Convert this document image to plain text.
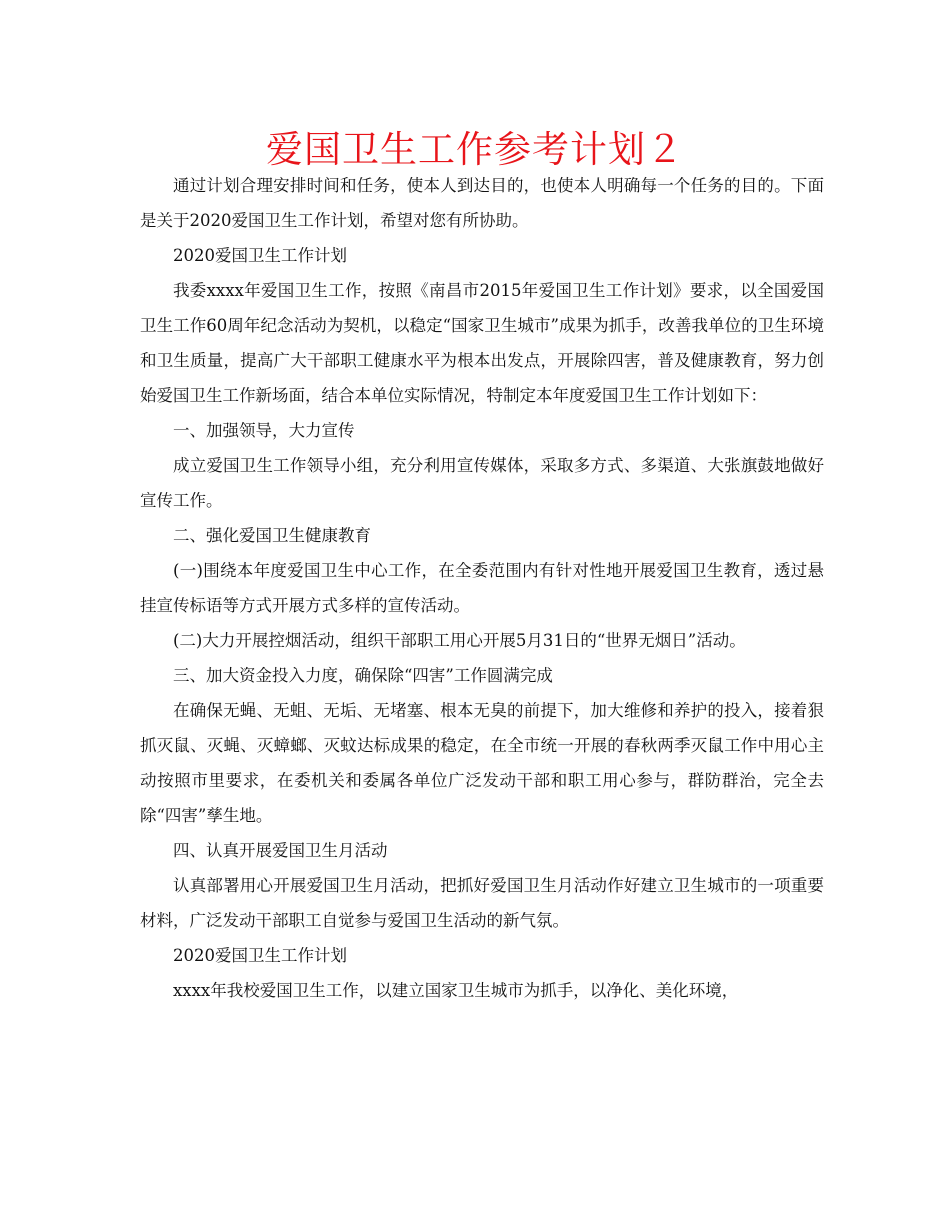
爱国卫生工作参考计划２

通过计划合理安排时间和任务，使本人到达目的，也使本人明确每一个任务的目的。下面是关于2020爱国卫生工作计划，希望对您有所协助。

2020爱国卫生工作计划

我委xxxx年爱国卫生工作，按照《南昌市2015年爱国卫生工作计划》要求，以全国爱国卫生工作60周年纪念活动为契机，以稳定“国家卫生城市”成果为抓手，改善我单位的卫生环境和卫生质量，提高广大干部职工健康水平为根本出发点，开展除四害，普及健康教育，努力创始爱国卫生工作新场面，结合本单位实际情况，特制定本年度爱国卫生工作计划如下：

一、加强领导，大力宣传

成立爱国卫生工作领导小组，充分利用宣传媒体，采取多方式、多渠道、大张旗鼓地做好宣传工作。

二、强化爱国卫生健康教育

(一)围绕本年度爱国卫生中心工作，在全委范围内有针对性地开展爱国卫生教育，透过悬挂宣传标语等方式开展方式多样的宣传活动。

(二)大力开展控烟活动，组织干部职工用心开展5月31日的“世界无烟日”活动。

三、加大资金投入力度，确保除“四害”工作圆满完成

在确保无蝇、无蛆、无垢、无堵塞、根本无臭的前提下，加大维修和养护的投入，接着狠抓灭鼠、灭蝇、灭蟑螂、灭蚊达标成果的稳定，在全市统一开展的春秋两季灭鼠工作中用心主动按照市里要求，在委机关和委属各单位广泛发动干部和职工用心参与，群防群治，完全去除“四害”孳生地。

四、认真开展爱国卫生月活动

认真部署用心开展爱国卫生月活动，把抓好爱国卫生月活动作好建立卫生城市的一项重要材料，广泛发动干部职工自觉参与爱国卫生活动的新气氛。

2020爱国卫生工作计划

xxxx年我校爱国卫生工作，以建立国家卫生城市为抓手，以净化、美化环境，
